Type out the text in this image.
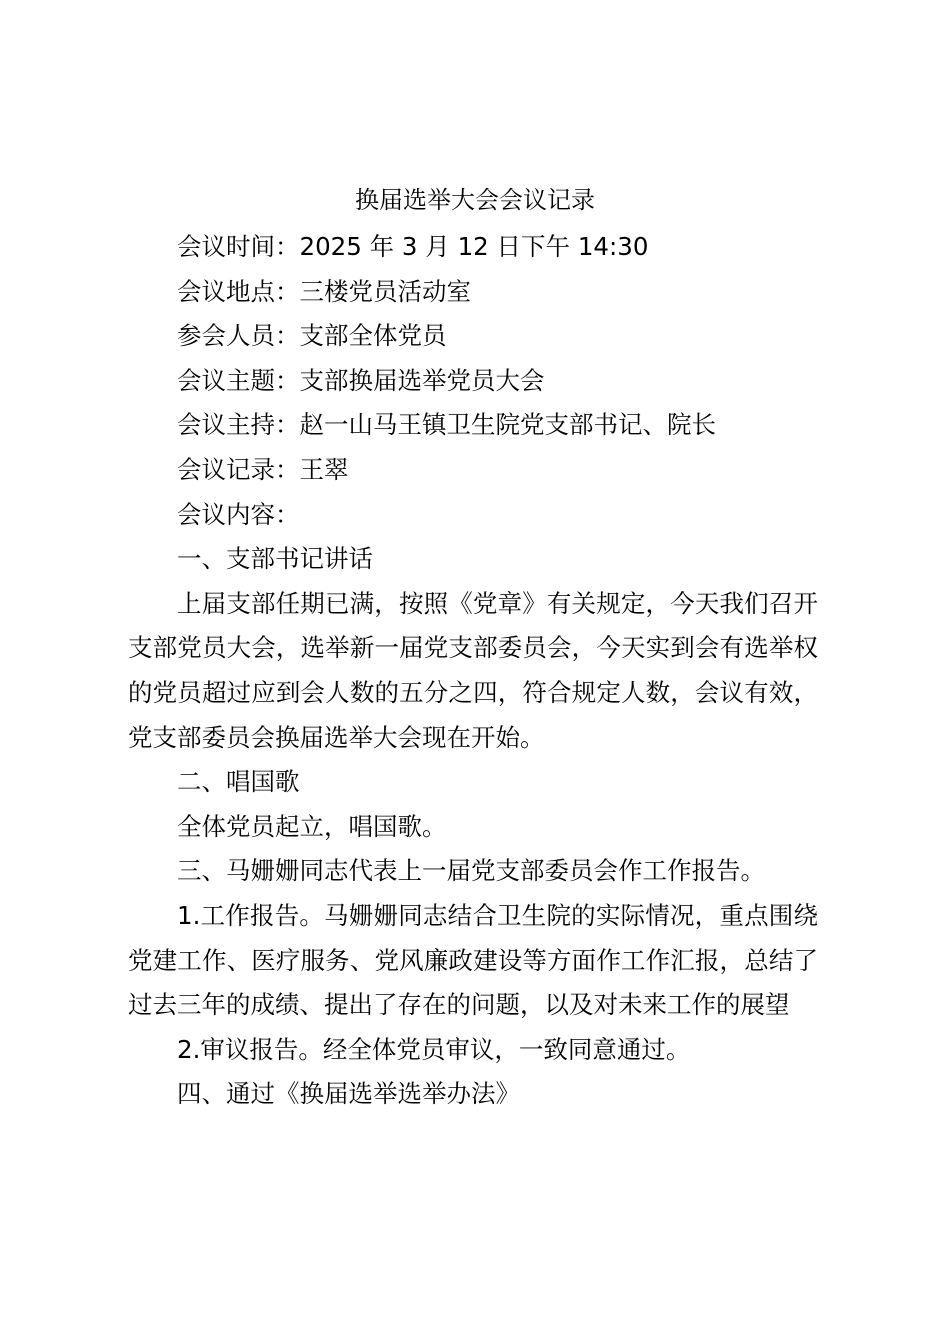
换届选举大会会议记录

会议时间：2025 年 3 月 12 日下午 14:30

会议地点：三楼党员活动室

参会人员：支部全体党员

会议主题：支部换届选举党员大会

会议主持：赵一山马王镇卫生院党支部书记、院长

会议记录：王翠

会议内容：

一、支部书记讲话

上届支部任期已满，按照《党章》有关规定，今天我们召开支部党员大会，选举新一届党支部委员会，今天实到会有选举权的党员超过应到会人数的五分之四，符合规定人数，会议有效，党支部委员会换届选举大会现在开始。

二、唱国歌

全体党员起立，唱国歌。

三、马姗姗同志代表上一届党支部委员会作工作报告。

1.工作报告。马姗姗同志结合卫生院的实际情况，重点围绕党建工作、医疗服务、党风廉政建设等方面作工作汇报，总结了过去三年的成绩、提出了存在的问题，以及对未来工作的展望

2.审议报告。经全体党员审议，一致同意通过。

四、通过《换届选举选举办法》
